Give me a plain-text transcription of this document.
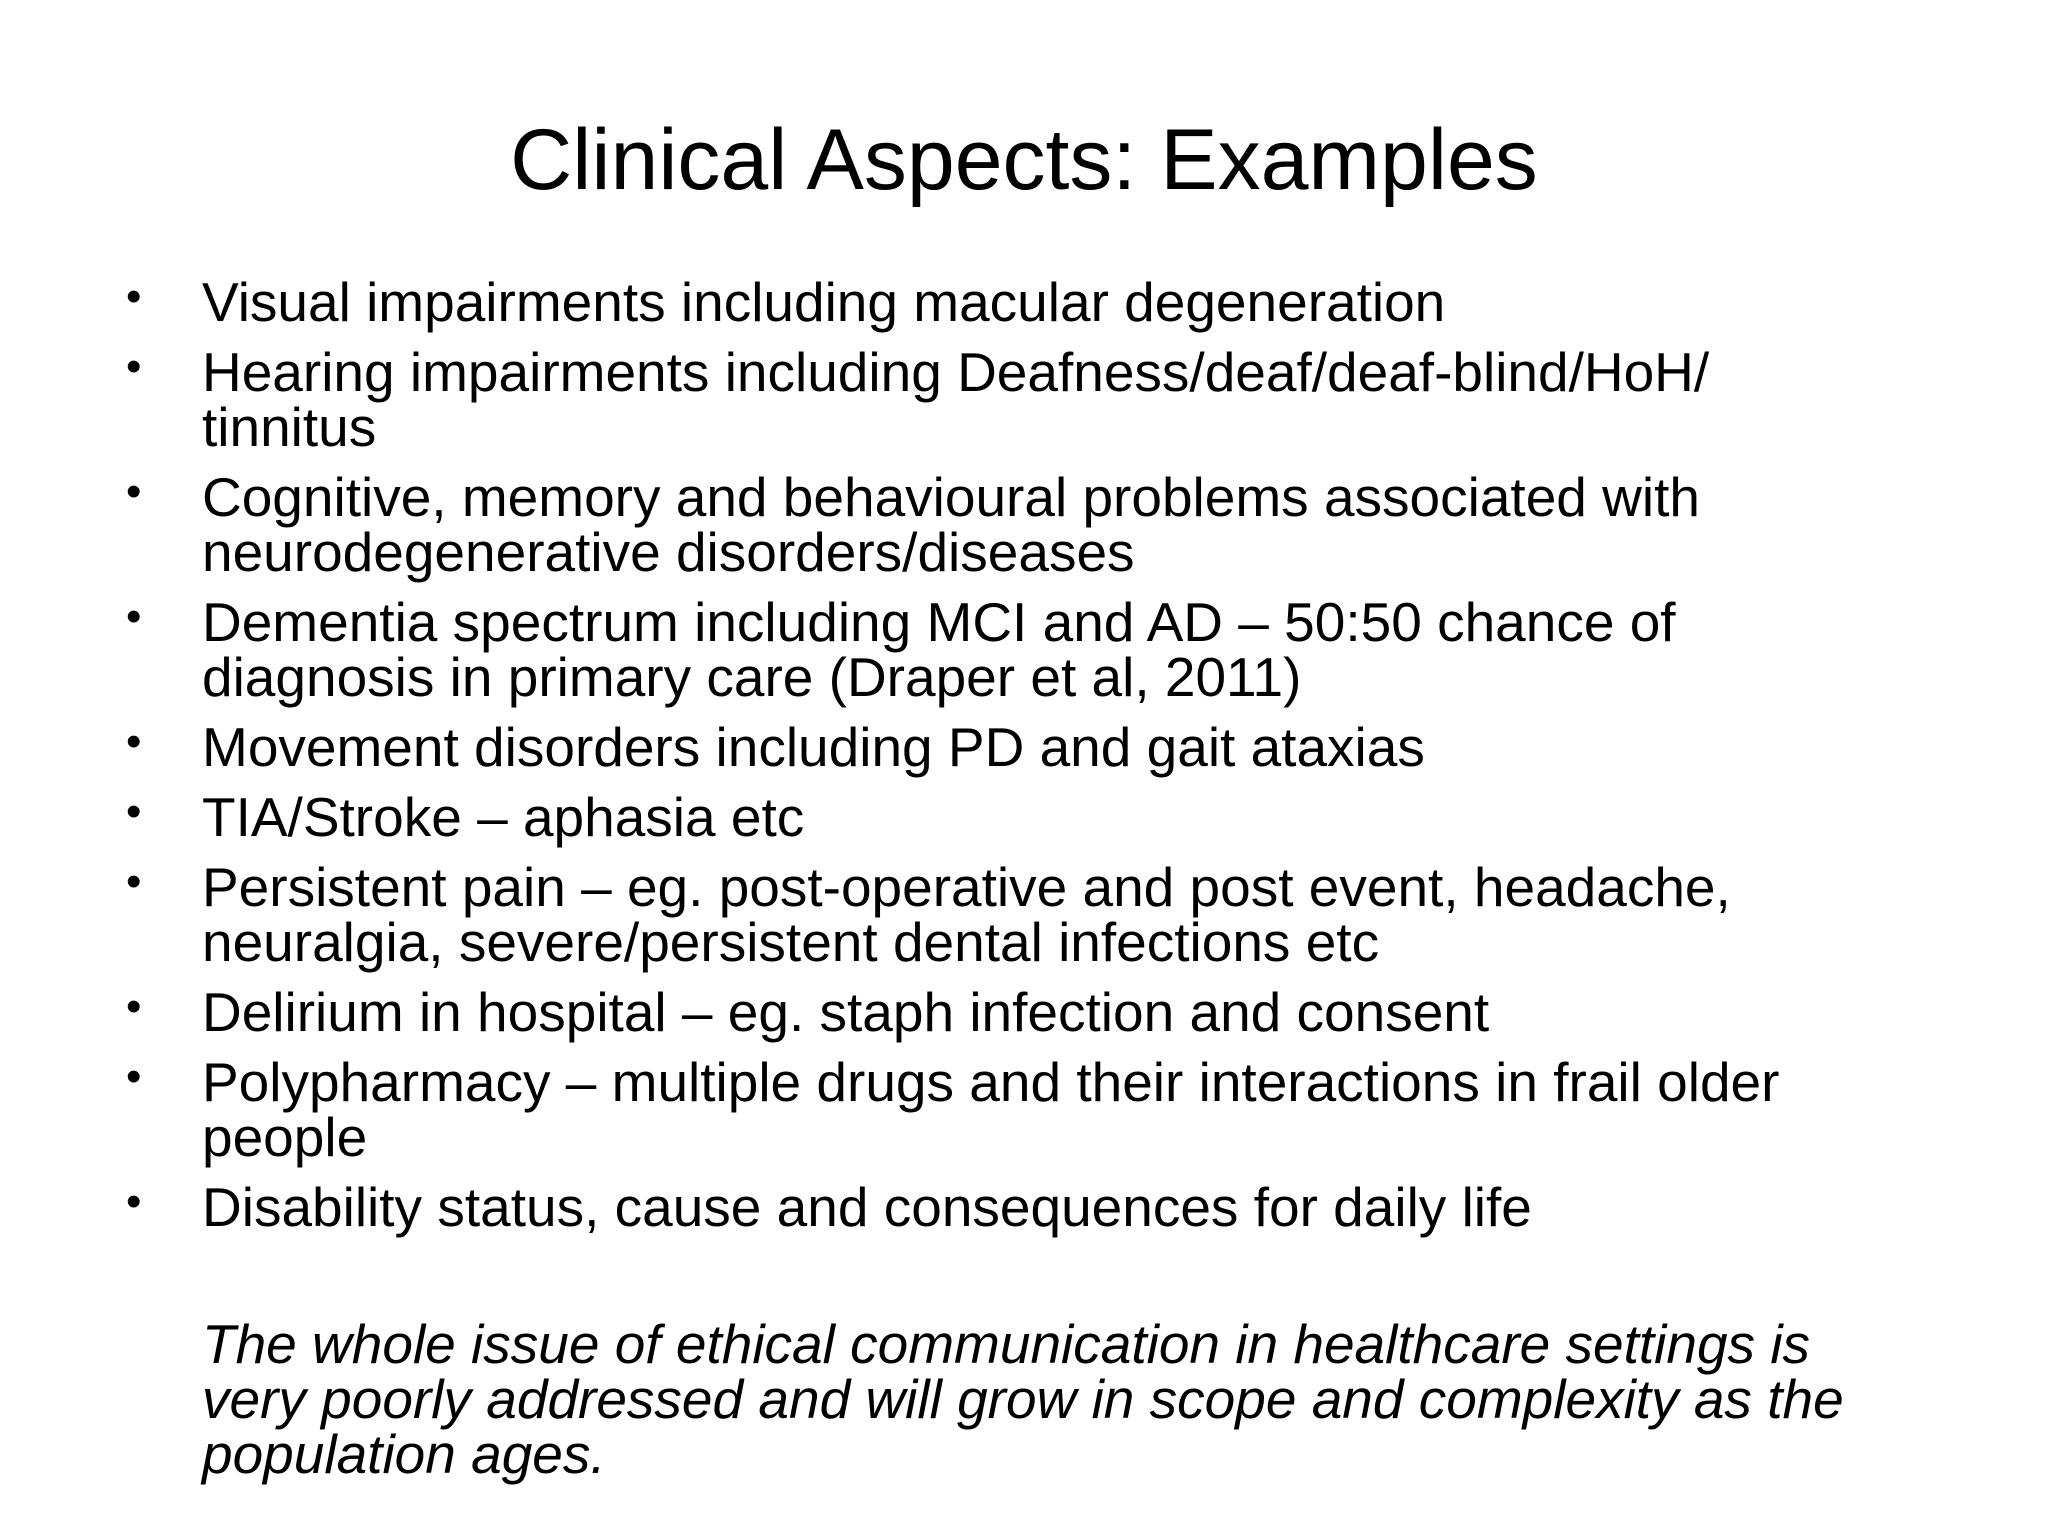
Clinical Aspects: Examples
• Visual impairments including macular degeneration
• Hearing impairments including Deafness/deaf/deaf-blind/HoH/
tinnitus
• Cognitive, memory and behavioural problems associated with
neurodegenerative disorders/diseases
• Dementia spectrum including MCI and AD – 50:50 chance of
diagnosis in primary care (Draper et al, 2011)
• Movement disorders including PD and gait ataxias
• TIA/Stroke – aphasia etc
• Persistent pain – eg. post-operative and post event, headache,
neuralgia, severe/persistent dental infections etc
• Delirium in hospital – eg. staph infection and consent
• Polypharmacy – multiple drugs and their interactions in frail older
people
• Disability status, cause and consequences for daily life
The whole issue of ethical communication in healthcare settings is
very poorly addressed and will grow in scope and complexity as the
population ages.
